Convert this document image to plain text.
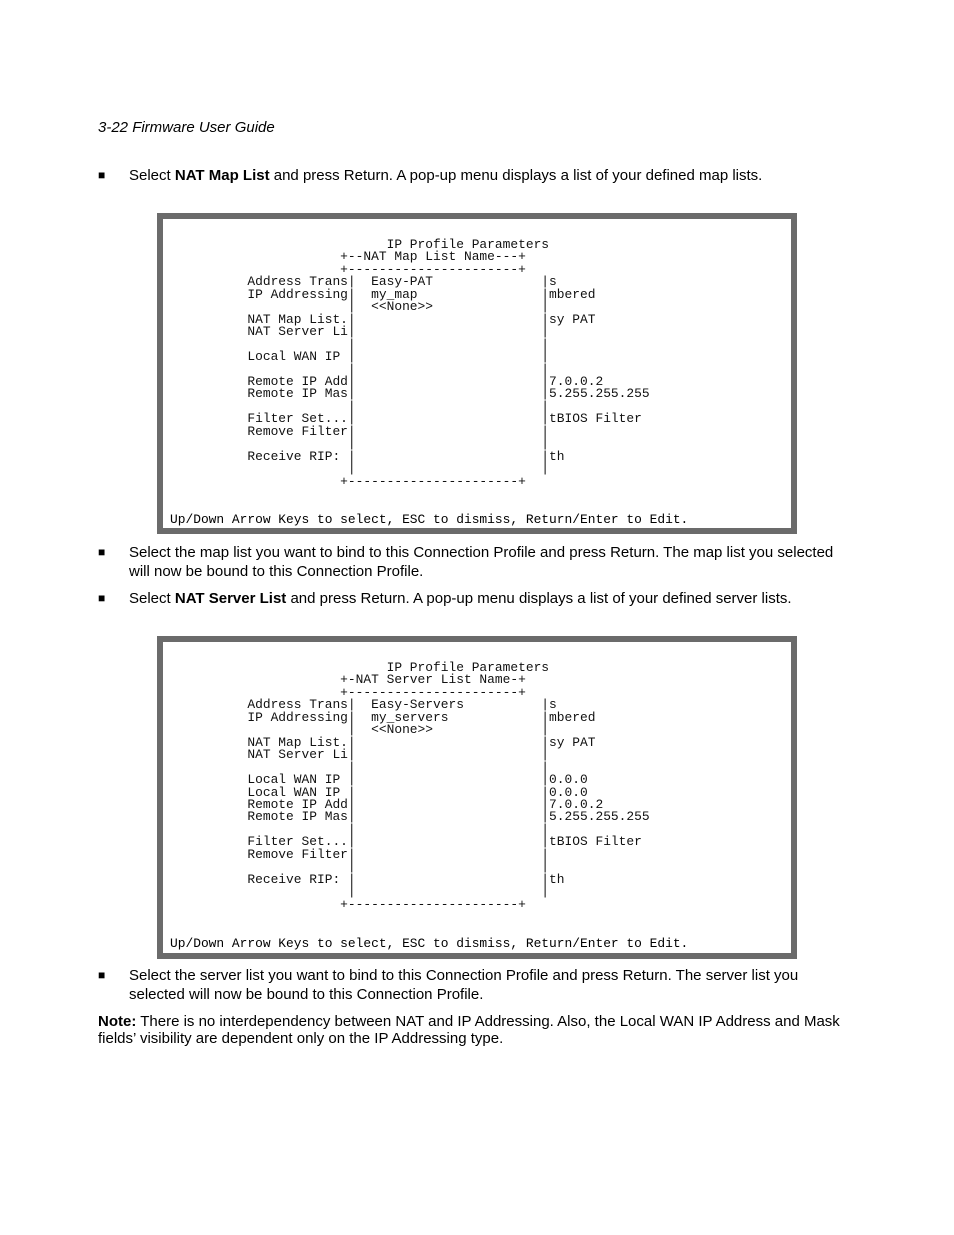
3-22 Firmware User Guide
■	Select NAT Map List and press Return. A pop-up menu displays a list of your defined map lists.
IP Profile Parameters
+--NAT Map List Name---+
+----------------------+
Address Trans|  Easy-PAT              |s
IP Addressing|  my_map                |mbered
|  <<None>>              |
NAT Map List.|                        |sy PAT
NAT Server Li|                        |
|                        |
Local WAN IP |                        |
|                        |
Remote IP Add|                        |7.0.0.2
Remote IP Mas|                        |5.255.255.255
|                        |
Filter Set...|                        |tBIOS Filter
Remove Filter|                        |
|                        |
Receive RIP: |                        |th
|                        |
+----------------------+
Up/Down Arrow Keys to select, ESC to dismiss, Return/Enter to Edit.
■	Select the map list you want to bind to this Connection Profile and press Return. The map list you selected will now be bound to this Connection Profile.
■	Select NAT Server List and press Return. A pop-up menu displays a list of your defined server lists.
IP Profile Parameters
+-NAT Server List Name-+
+----------------------+
Address Trans|  Easy-Servers          |s
IP Addressing|  my_servers            |mbered
|  <<None>>              |
NAT Map List.|                        |sy PAT
NAT Server Li|                        |
|                        |
Local WAN IP |                        |0.0.0
Local WAN IP |                        |0.0.0
Remote IP Add|                        |7.0.0.2
Remote IP Mas|                        |5.255.255.255
|                        |
Filter Set...|                        |tBIOS Filter
Remove Filter|                        |
|                        |
Receive RIP: |                        |th
|                        |
+----------------------+
Up/Down Arrow Keys to select, ESC to dismiss, Return/Enter to Edit.
■	Select the server list you want to bind to this Connection Profile and press Return. The server list you selected will now be bound to this Connection Profile.
Note: There is no interdependency between NAT and IP Addressing. Also, the Local WAN IP Address and Mask fields’ visibility are dependent only on the IP Addressing type.
